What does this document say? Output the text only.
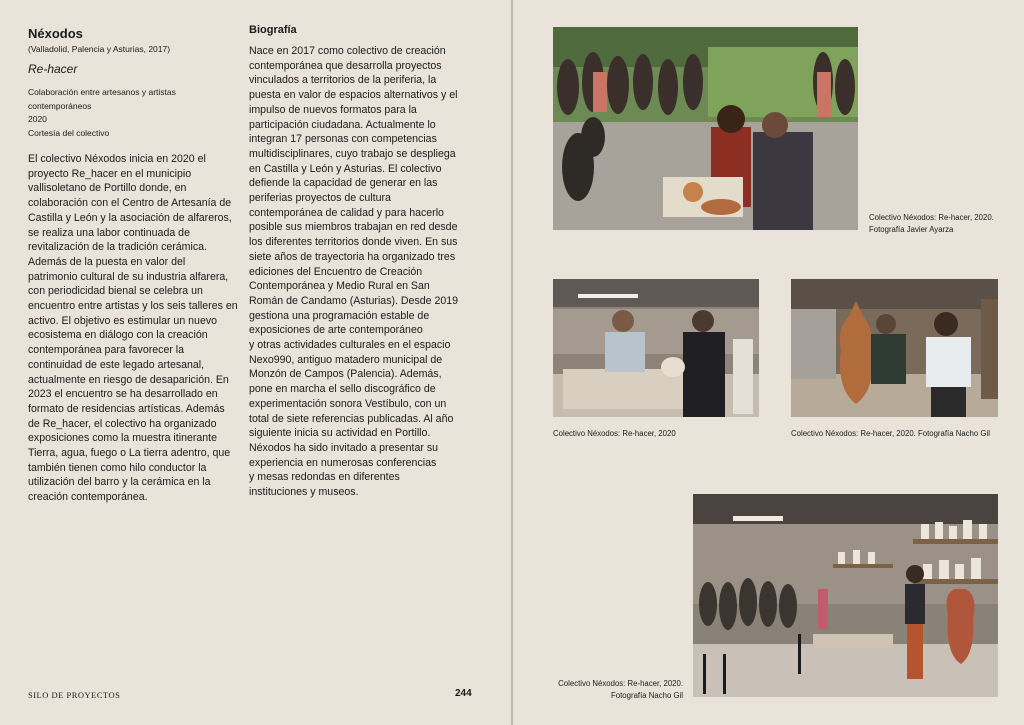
Néxodos
(Valladolid, Palencia y Asturias, 2017)
Re-hacer
Colaboración entre artesanos y artistas
contemporáneos
2020
Cortesía del colectivo
El colectivo Néxodos inicia en 2020 el
proyecto Re_hacer en el municipio
vallisoletano de Portillo donde, en
colaboración con el Centro de Artesanía de
Castilla y León y la asociación de alfareros,
se realiza una labor continuada de
revitalización de la tradición cerámica.
Además de la puesta en valor del
patrimonio cultural de su industria alfarera,
con periodicidad bienal se celebra un
encuentro entre artistas y los seis talleres en
activo. El objetivo es estimular un nuevo
ecosistema en diálogo con la creación
contemporánea para favorecer la
continuidad de este legado artesanal,
actualmente en riesgo de desaparición. En
2023 el encuentro se ha desarrollado en
formato de residencias artísticas. Además
de Re_hacer, el colectivo ha organizado
exposiciones como la muestra itinerante
Tierra, agua, fuego o La tierra adentro, que
también tienen como hilo conductor la
utilización del barro y la cerámica en la
creación contemporánea.
Biografía
Nace en 2017 como colectivo de creación
contemporánea que desarrolla proyectos
vinculados a territorios de la periferia, la
puesta en valor de espacios alternativos y el
impulso de nuevos formatos para la
participación ciudadana. Actualmente lo
integran 17 personas con competencias
multidisciplinares, cuyo trabajo se despliega
en Castilla y León y Asturias. El colectivo
defiende la capacidad de generar en las
periferias proyectos de cultura
contemporánea de calidad y para hacerlo
posible sus miembros trabajan en red desde
los diferentes territorios donde viven. En sus
siete años de trayectoria ha organizado tres
ediciones del Encuentro de Creación
Contemporánea y Medio Rural en San
Román de Candamo (Asturias). Desde 2019
gestiona una programación estable de
exposiciones de arte contemporáneo
y otras actividades culturales en el espacio
Nexo990, antiguo matadero municipal de
Monzón de Campos (Palencia). Además,
pone en marcha el sello discográfico de
experimentación sonora Vestíbulo, con un
total de siete referencias publicadas. Al año
siguiente inicia su actividad en Portillo.
Néxodos ha sido invitado a presentar su
experiencia en numerosas conferencias
y mesas redondas en diferentes
instituciones y museos.
SILO DE PROYECTOS	244
Colectivo Néxodos: Re-hacer, 2020.
Fotografía Javier Ayarza
Colectivo Néxodos: Re-hacer, 2020	Colectivo Néxodos: Re-hacer, 2020. Fotografía Nacho Gil
Colectivo Néxodos: Re-hacer, 2020.
Fotografía Nacho Gil
